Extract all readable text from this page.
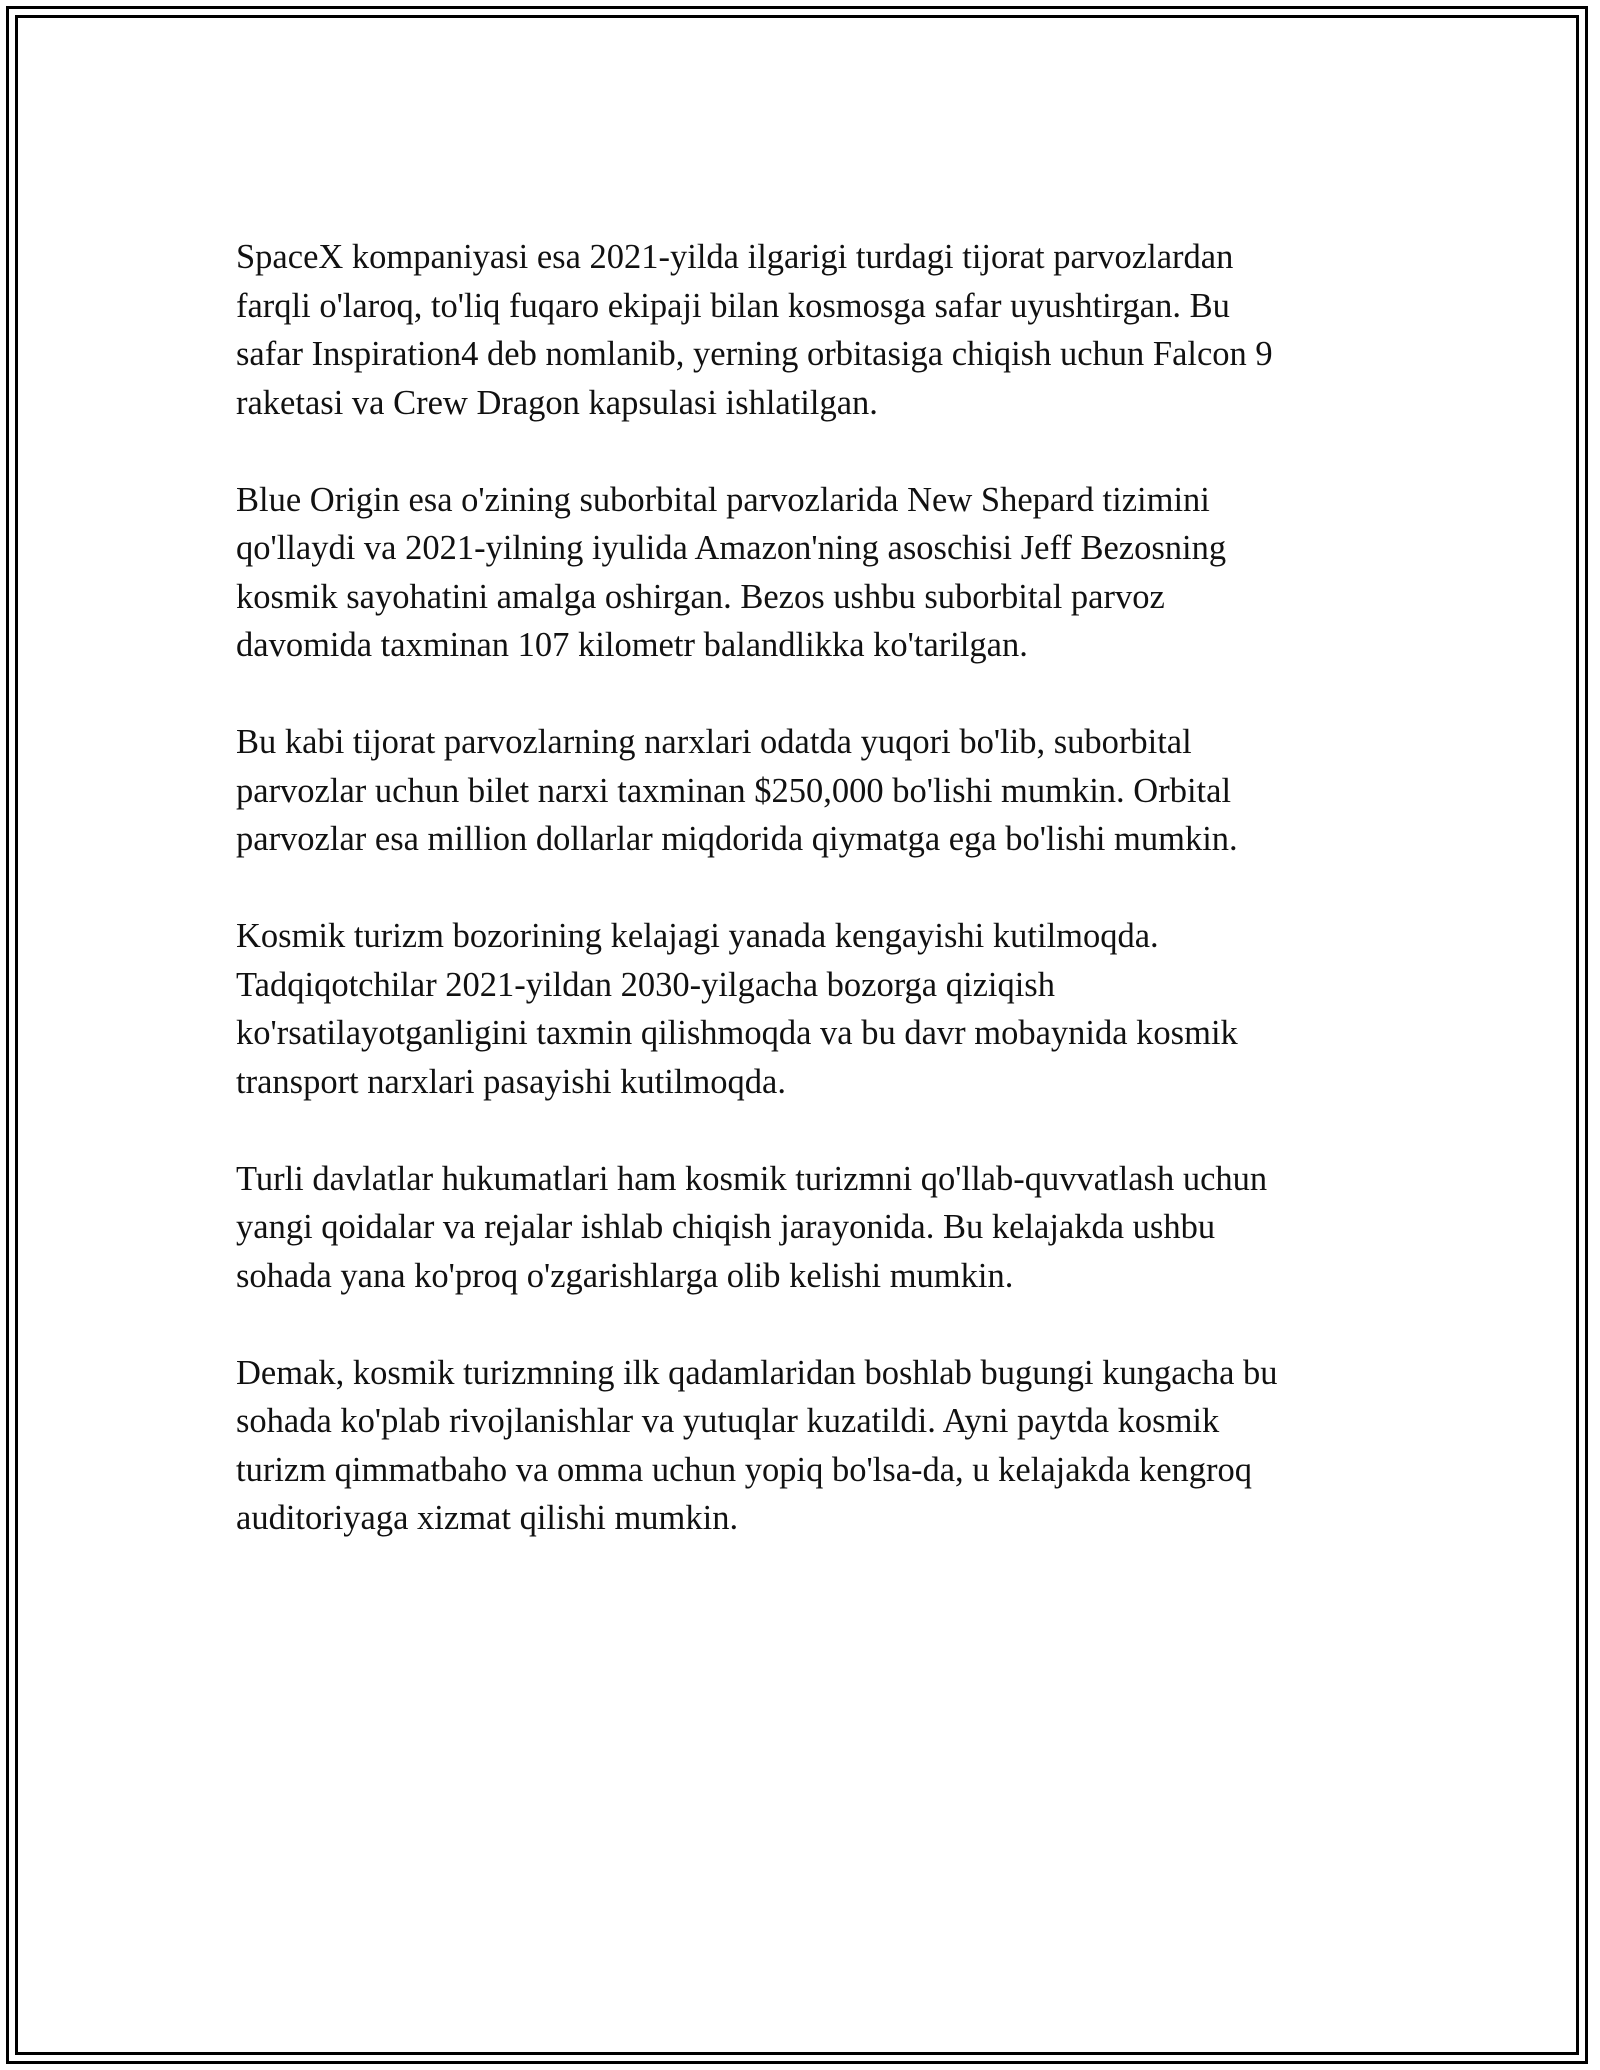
SpaceX kompaniyasi esa 2021-yilda ilgarigi turdagi tijorat parvozlardan
farqli o'laroq, to'liq fuqaro ekipaji bilan kosmosga safar uyushtirgan. Bu
safar Inspiration4 deb nomlanib, yerning orbitasiga chiqish uchun Falcon 9
raketasi va Crew Dragon kapsulasi ishlatilgan.

Blue Origin esa o'zining suborbital parvozlarida New Shepard tizimini
qo'llaydi va 2021-yilning iyulida Amazon'ning asoschisi Jeff Bezosning
kosmik sayohatini amalga oshirgan. Bezos ushbu suborbital parvoz
davomida taxminan 107 kilometr balandlikka ko'tarilgan.

Bu kabi tijorat parvozlarning narxlari odatda yuqori bo'lib, suborbital
parvozlar uchun bilet narxi taxminan $250,000 bo'lishi mumkin. Orbital
parvozlar esa million dollarlar miqdorida qiymatga ega bo'lishi mumkin.

Kosmik turizm bozorining kelajagi yanada kengayishi kutilmoqda.
Tadqiqotchilar 2021-yildan 2030-yilgacha bozorga qiziqish
ko'rsatilayotganligini taxmin qilishmoqda va bu davr mobaynida kosmik
transport narxlari pasayishi kutilmoqda.

Turli davlatlar hukumatlari ham kosmik turizmni qo'llab-quvvatlash uchun
yangi qoidalar va rejalar ishlab chiqish jarayonida. Bu kelajakda ushbu
sohada yana ko'proq o'zgarishlarga olib kelishi mumkin.

Demak, kosmik turizmning ilk qadamlaridan boshlab bugungi kungacha bu
sohada ko'plab rivojlanishlar va yutuqlar kuzatildi. Ayni paytda kosmik
turizm qimmatbaho va omma uchun yopiq bo'lsa-da, u kelajakda kengroq
auditoriyaga xizmat qilishi mumkin.
